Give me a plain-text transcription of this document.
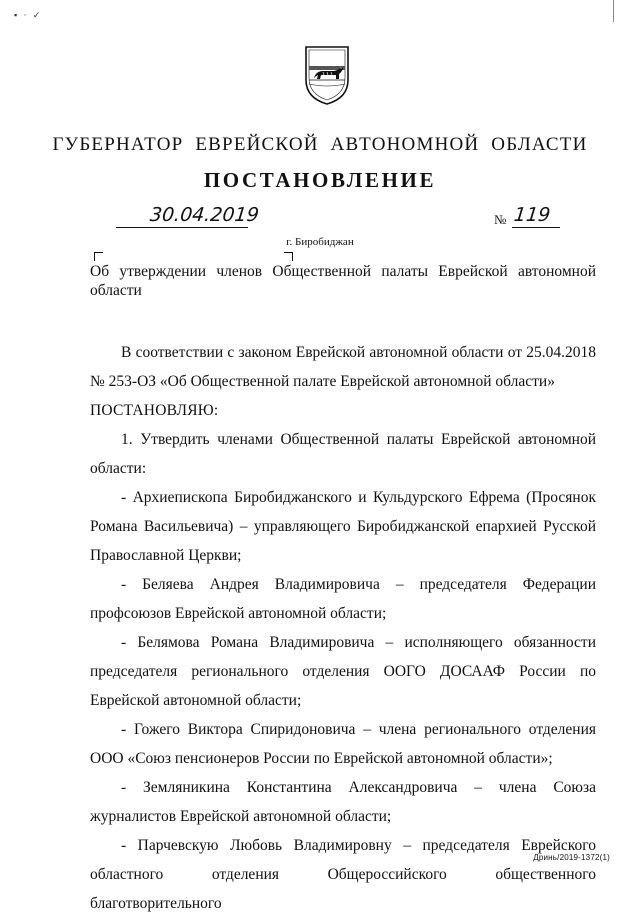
▪ · ✓
ГУБЕРНАТОР ЕВРЕЙСКОЙ АВТОНОМНОЙ ОБЛАСТИ
ПОСТАНОВЛЕНИЕ
30.04.2019	№ 119
г. Биробиджан
Об утверждении членов Общественной палаты Еврейской автономной области

В соответствии с законом Еврейской автономной области от 25.04.2018 № 253-ОЗ «Об Общественной палате Еврейской автономной области»

ПОСТАНОВЛЯЮ:

1. Утвердить членами Общественной палаты Еврейской автономной области:

- Архиепископа Биробиджанского и Кульдурского Ефрема (Просянок Романа Васильевича) – управляющего Биробиджанской епархией Русской Православной Церкви;

- Беляева Андрея Владимировича – председателя Федерации профсоюзов Еврейской автономной области;

- Белямова Романа Владимировича – исполняющего обязанности председателя регионального отделения ООГО ДОСААФ России по Еврейской автономной области;

- Гожего Виктора Спиридоновича – члена регионального отделения ООО «Союз пенсионеров России по Еврейской автономной области»;

- Земляникина Константина Александровича – члена Союза журналистов Еврейской автономной области;

- Парчевскую Любовь Владимировну – председателя Еврейского областного отделения Общероссийского общественного благотворительного

Дринь/2019-1372(1)
